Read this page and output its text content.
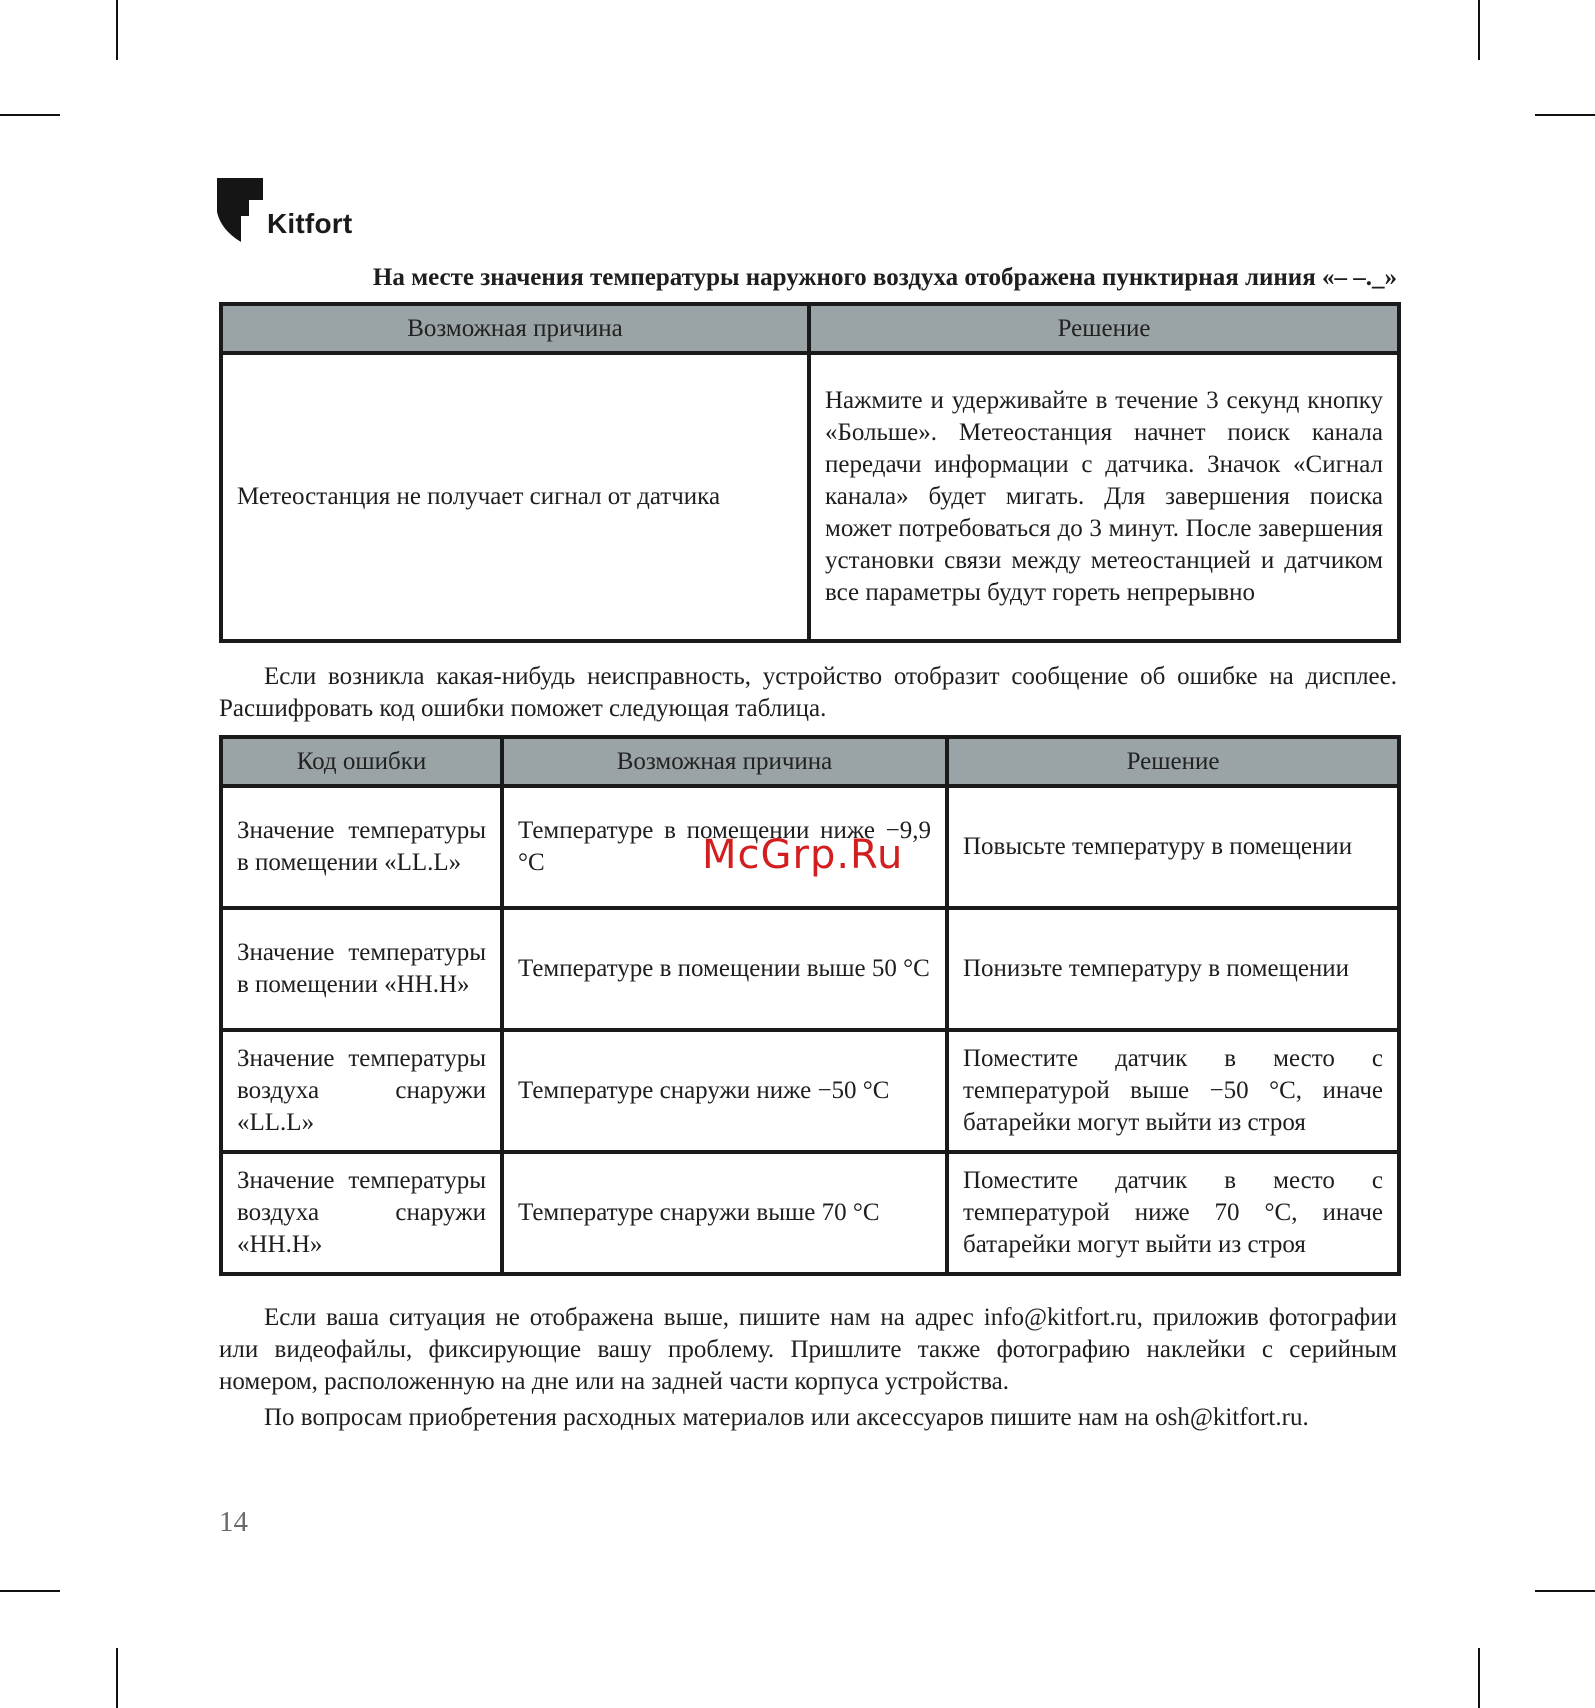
Kitfort
На месте значения температуры наружного воздуха отображена пунктирная линия «– –._»
Возможная причина	Решение
Метеостанция не получает сигнал от датчика	Нажмите и удерживайте в течение 3 секунд кнопку «Больше». Метеостанция начнет поиск канала передачи информации с датчика. Значок «Сигнал канала» будет мигать. Для завершения поиска может потребоваться до 3 минут. После завершения установки связи между метеостанцией и датчиком все параметры будут гореть непрерывно

Если возникла какая-нибудь неисправность, устройство отобразит сообщение об ошибке на дисплее. Расшифровать код ошибки поможет следующая таблица.

Код ошибки	Возможная причина	Решение
Значение температуры в помещении «LL.L»	Температуре в помещении ниже −9,9 °C	Повысьте температуру в помещении
Значение температуры в помещении «HH.H»	Температуре в помещении выше 50 °C	Понизьте температуру в помещении
Значение температуры воздуха снаружи «LL.L»	Температуре снаружи ниже −50 °C	Поместите датчик в место с температурой выше −50 °C, иначе батарейки могут выйти из строя
Значение температуры воздуха снаружи «HH.H»	Температуре снаружи выше 70 °C	Поместите датчик в место с температурой ниже 70 °C, иначе батарейки могут выйти из строя

Если ваша ситуация не отображена выше, пишите нам на адрес info@kitfort.ru, приложив фотографии или видеофайлы, фиксирующие вашу проблему. Пришлите также фотографию наклейки с серийным номером, расположенную на дне или на задней части корпуса устройства.

По вопросам приобретения расходных материалов или аксессуаров пишите нам на osh@kitfort.ru.

14
McGrp.Ru
